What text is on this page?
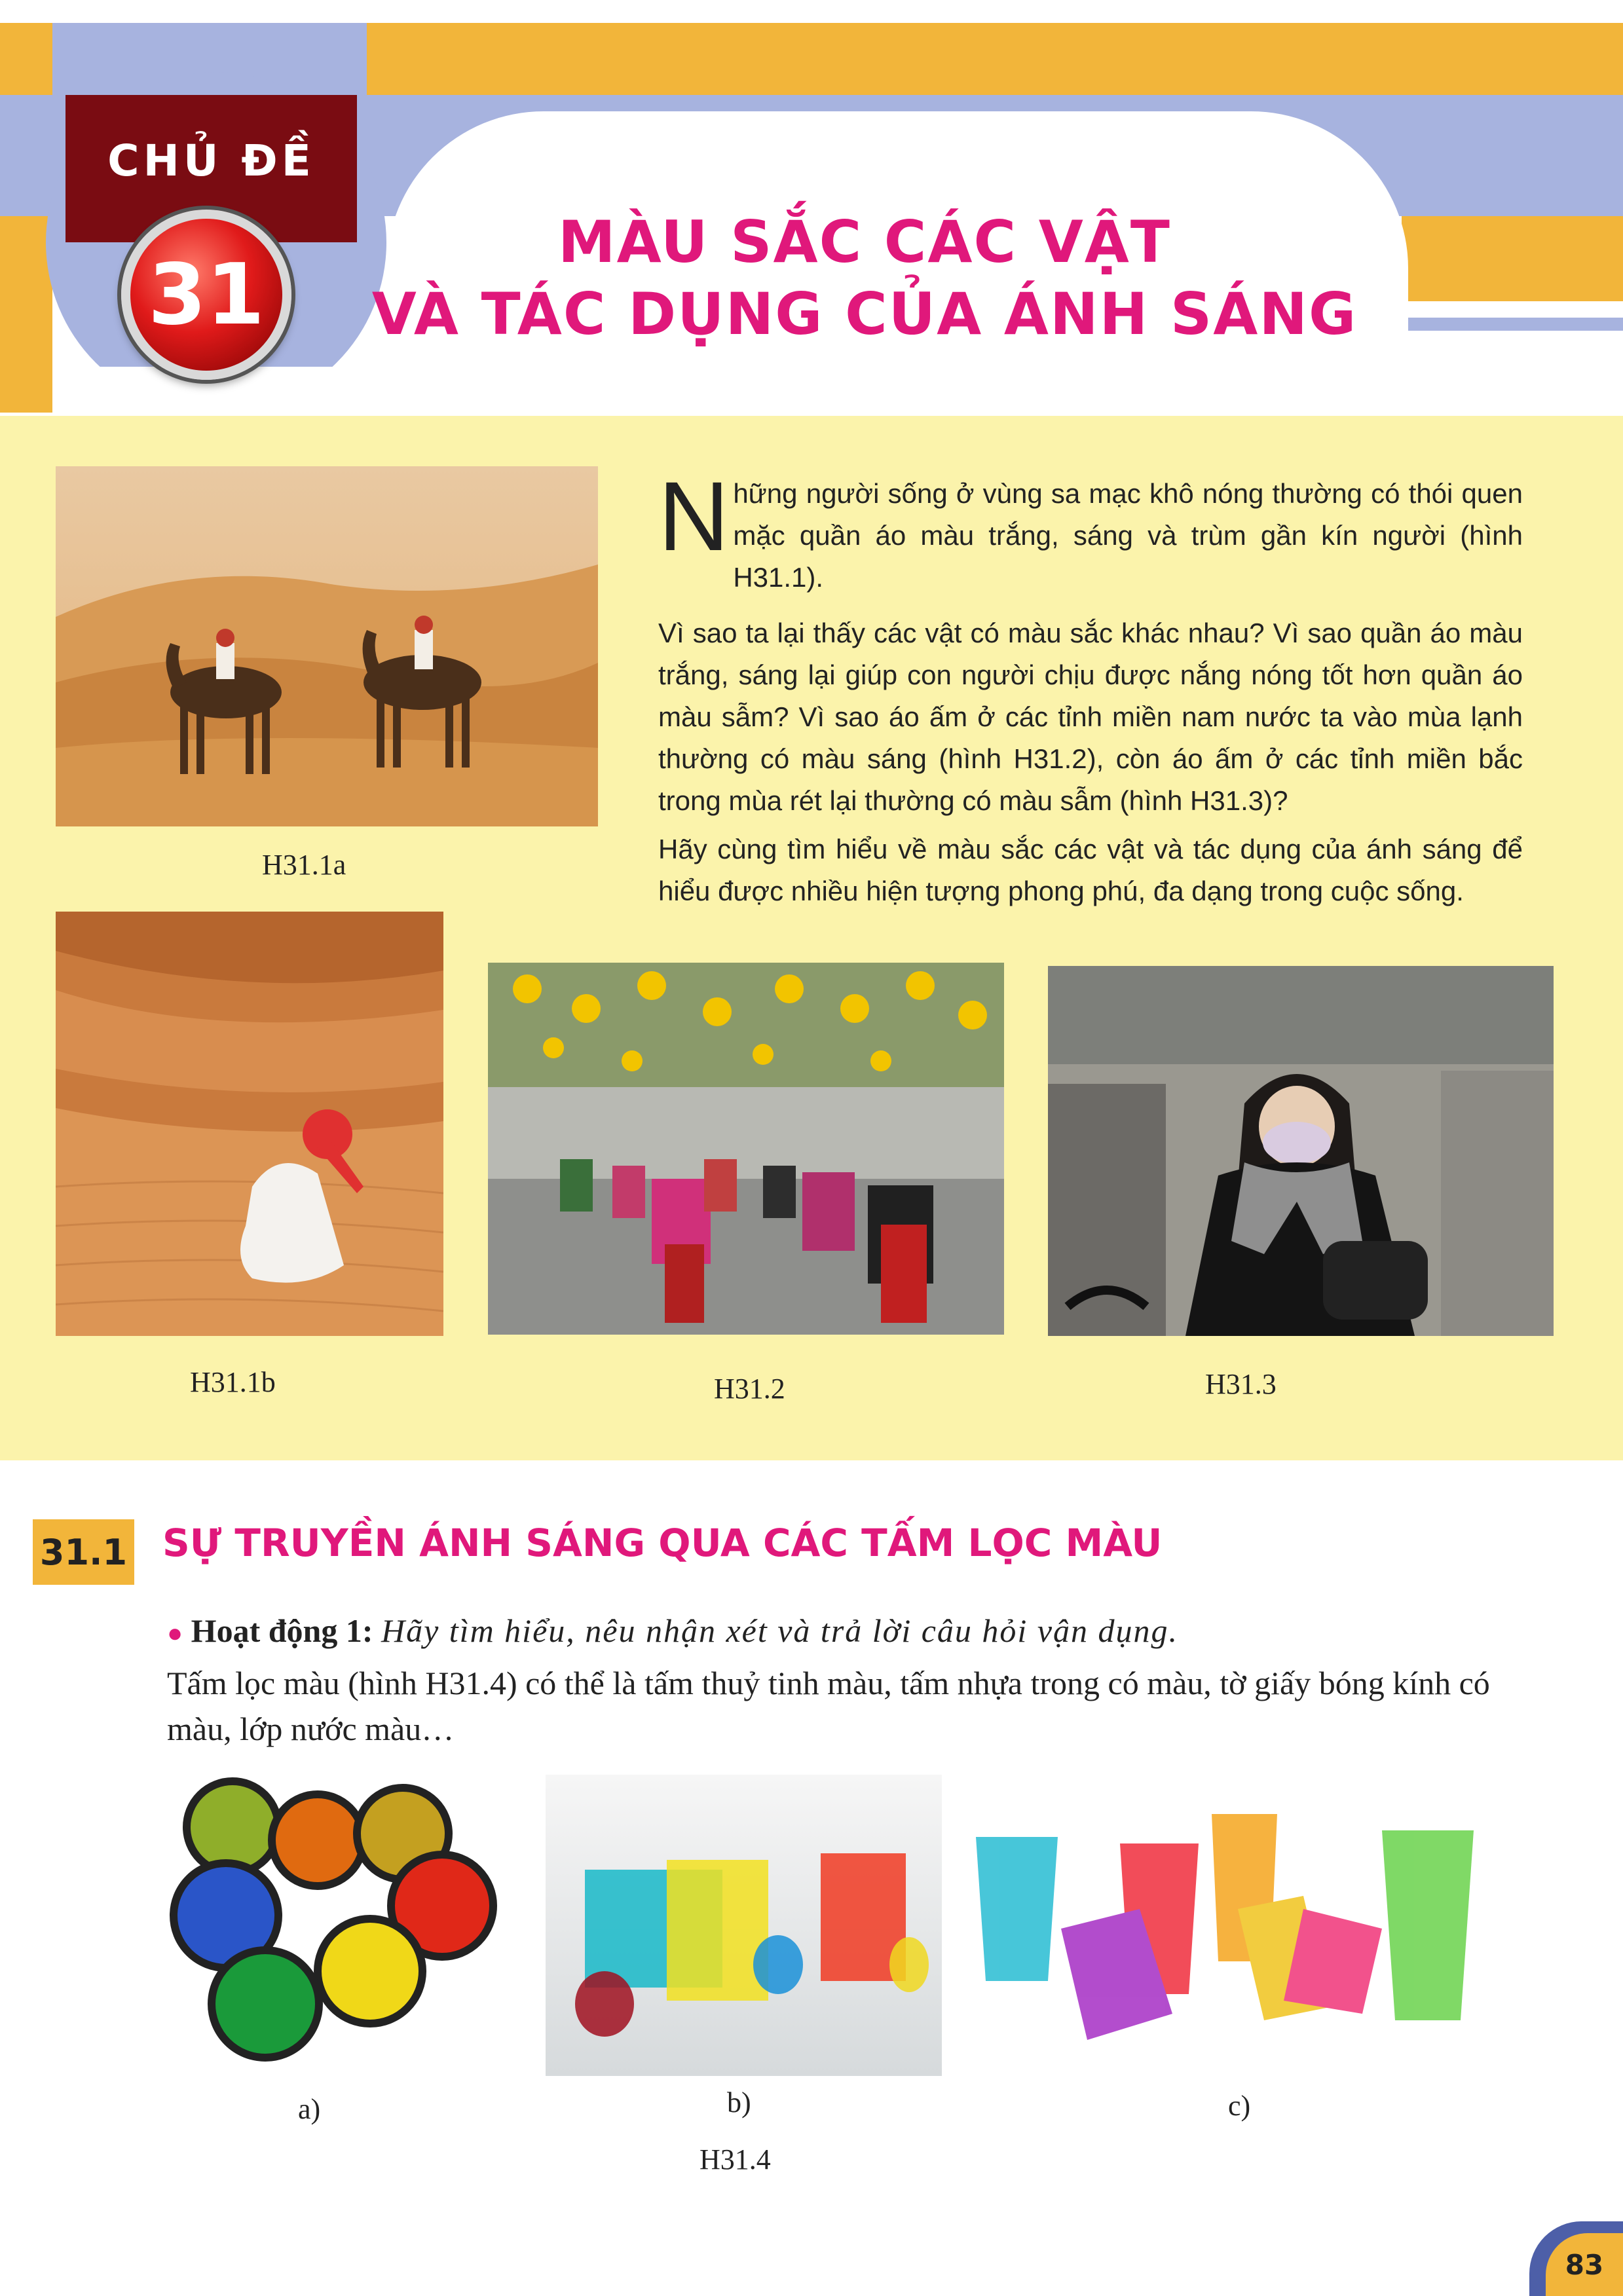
CHỦ ĐỀ
31
MÀU SẮC CÁC VẬT
VÀ TÁC DỤNG CỦA ÁNH SÁNG
H31.1a
Những người sống ở vùng sa mạc khô nóng thường có thói quen mặc quần áo màu trắng, sáng và trùm gần kín người (hình H31.1).

Vì sao ta lại thấy các vật có màu sắc khác nhau? Vì sao quần áo màu trắng, sáng lại giúp con người chịu được nắng nóng tốt hơn quần áo màu sẫm? Vì sao áo ấm ở các tỉnh miền nam nước ta vào mùa lạnh thường có màu sáng (hình H31.2), còn áo ấm ở các tỉnh miền bắc trong mùa rét lại thường có màu sẫm (hình H31.3)?

Hãy cùng tìm hiểu về màu sắc các vật và tác dụng của ánh sáng để hiểu được nhiều hiện tượng phong phú, đa dạng trong cuộc sống.

H31.1b	H31.2	H31.3
31.1 SỰ TRUYỀN ÁNH SÁNG QUA CÁC TẤM LỌC MÀU
● Hoạt động 1: Hãy tìm hiểu, nêu nhận xét và trả lời câu hỏi vận dụng.

Tấm lọc màu (hình H31.4) có thể là tấm thuỷ tinh màu, tấm nhựa trong có màu, tờ giấy bóng kính có màu, lớp nước màu…

a)	b)
H31.4
c)
83
